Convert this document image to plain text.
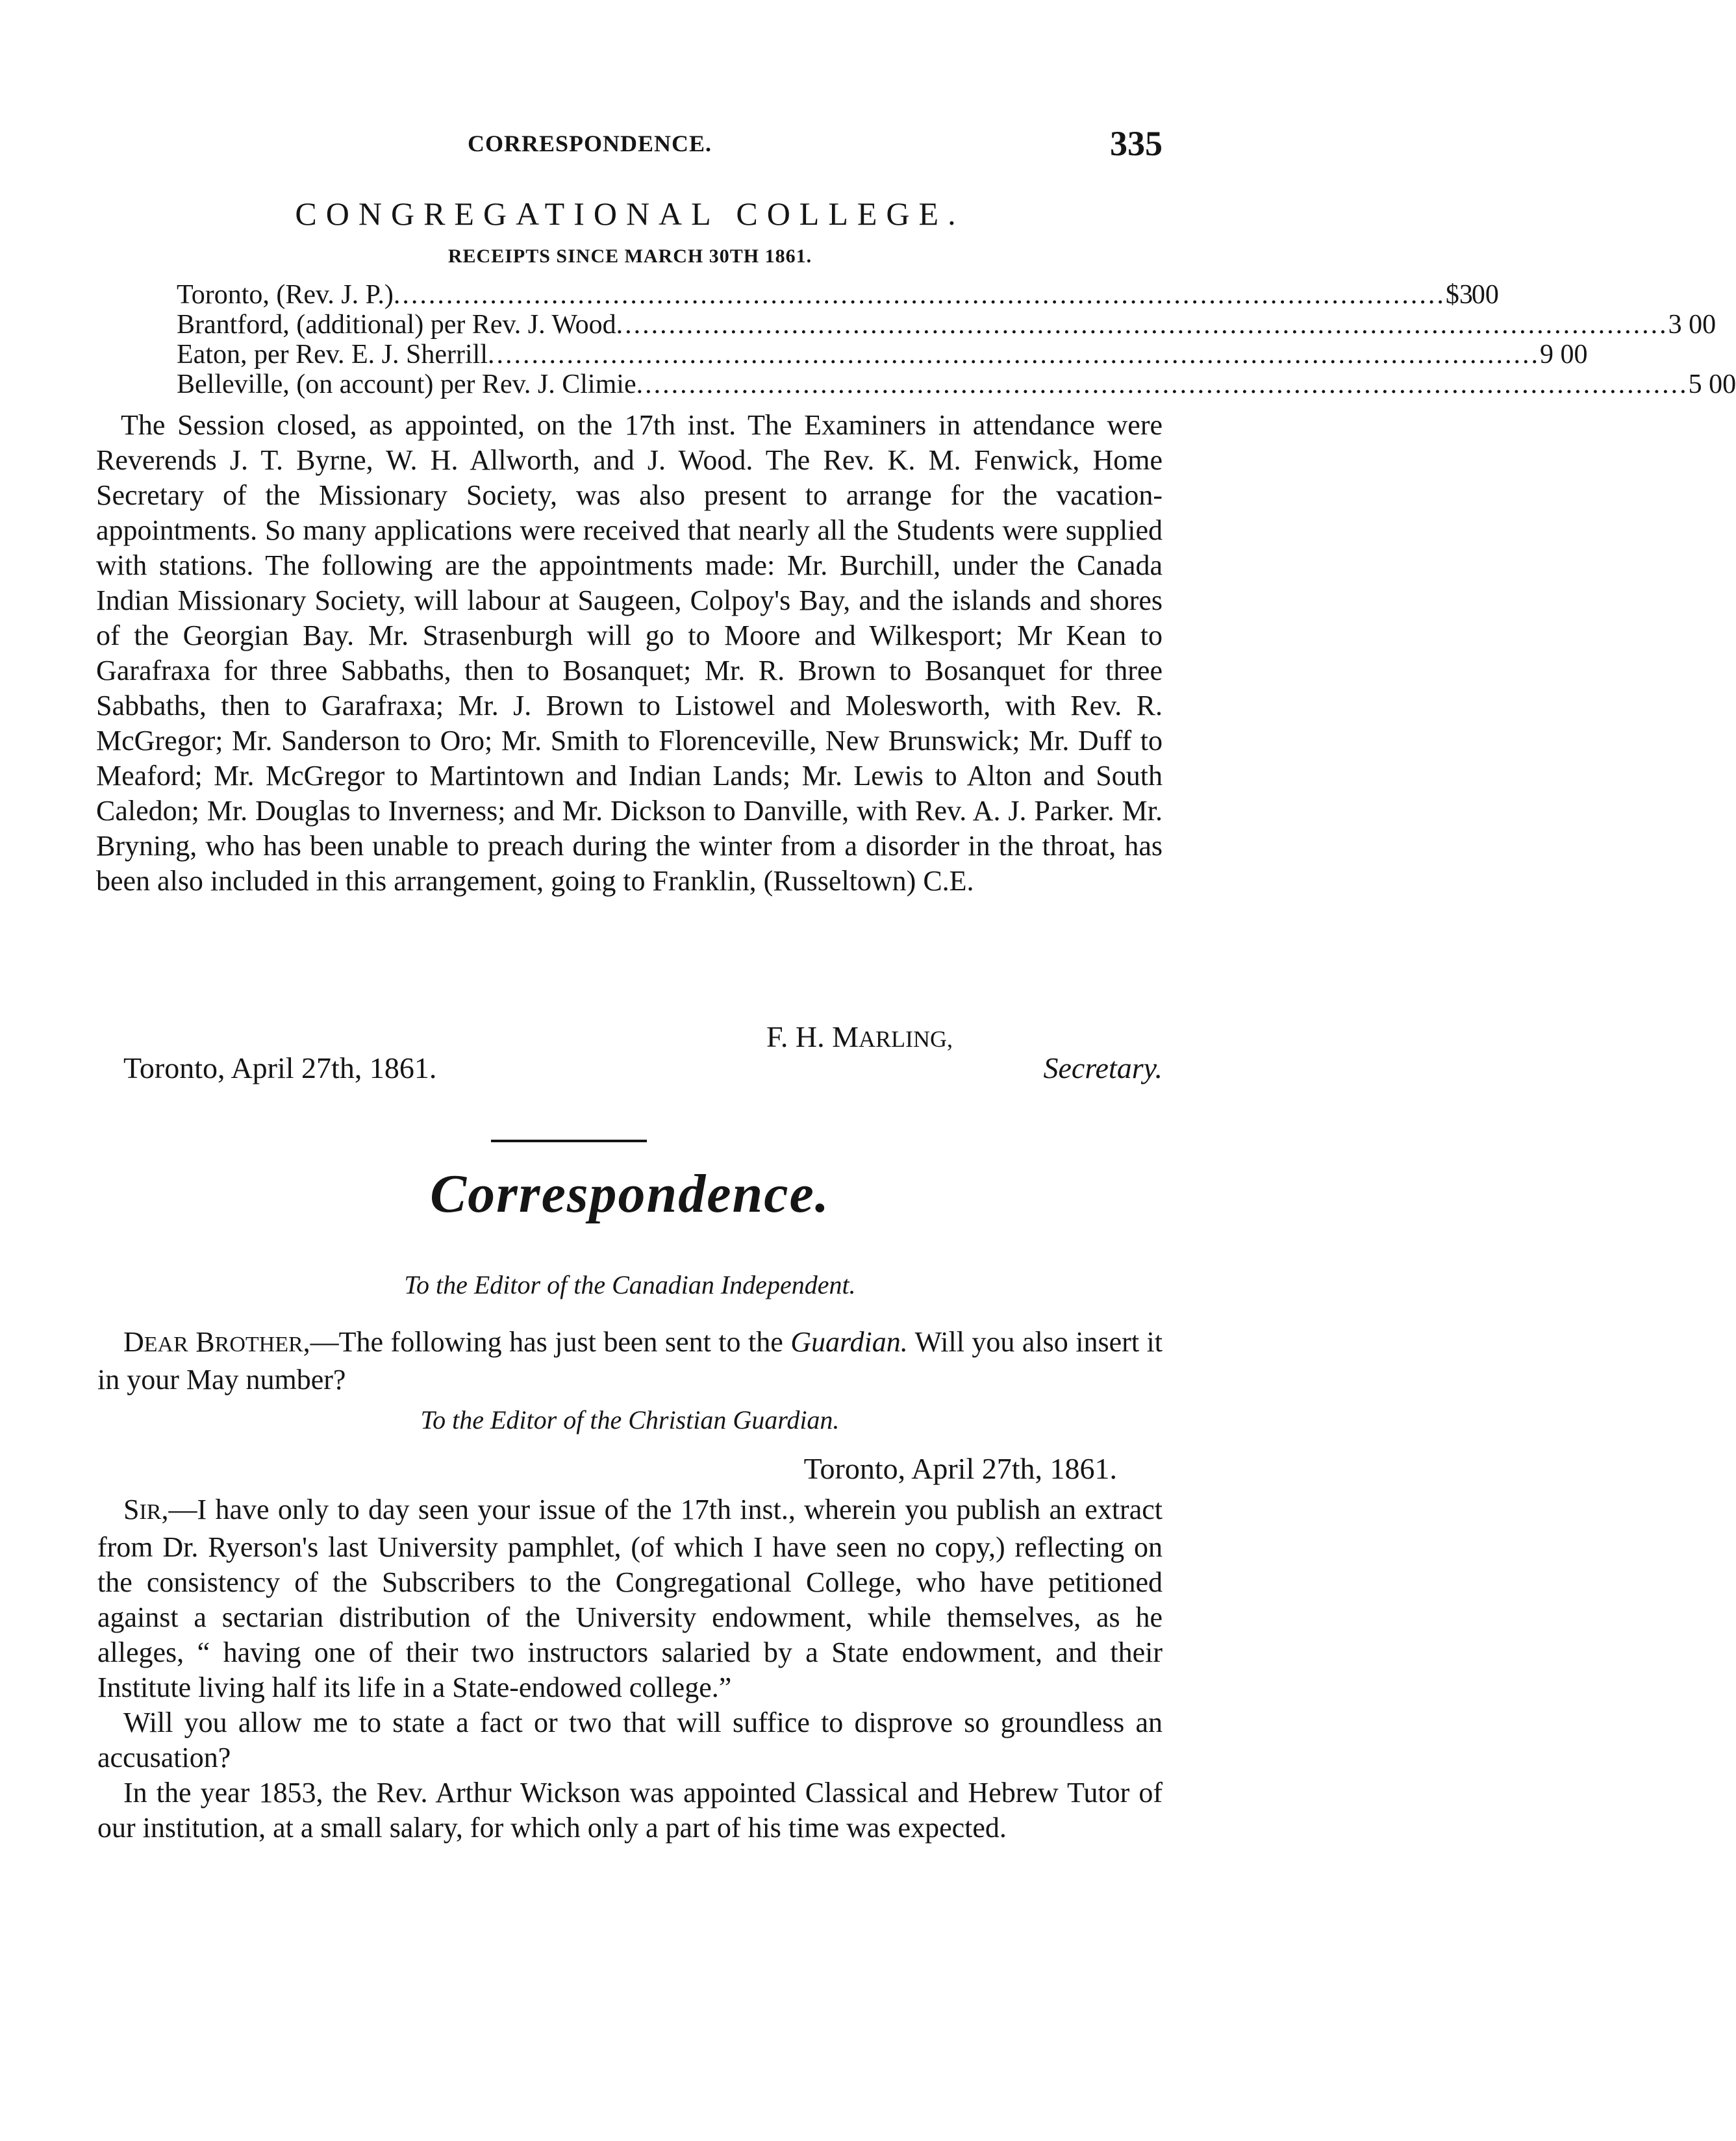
CORRESPONDENCE.	335
CONGREGATIONAL COLLEGE.
RECEIPTS SINCE MARCH 30TH 1861.
Toronto, (Rev. J. P.) ........................................................................................................................ $3
00
Brantford, (additional) per Rev. J. Wood ........................................................................................................................ 3 00
Eaton, per Rev. E. J. Sherrill ........................................................................................................................ 9 00
Belleville, (on account) per Rev. J. Climie ........................................................................................................................ 5 00
The Session closed, as appointed, on the 17th inst. The Examiners in attendance were Reverends J. T. Byrne, W. H. Allworth, and J. Wood. The Rev. K. M. Fenwick, Home Secretary of the Missionary Society, was also present to arrange for the vacation-appointments. So many applications were received that nearly all the Students were supplied with stations. The following are the appointments made: Mr. Burchill, under the Canada Indian Missionary Society, will labour at Saugeen, Colpoy's Bay, and the islands and shores of the Georgian Bay. Mr. Strasenburgh will go to Moore and Wilkesport; Mr Kean to Garafraxa for three Sabbaths, then to Bosanquet; Mr. R. Brown to Bosanquet for three Sabbaths, then to Garafraxa; Mr. J. Brown to Listowel and Molesworth, with Rev. R. McGregor; Mr. Sanderson to Oro; Mr. Smith to Florenceville, New Brunswick; Mr. Duff to Meaford; Mr. McGregor to Martintown and Indian Lands; Mr. Lewis to Alton and South Caledon; Mr. Douglas to Inverness; and Mr. Dickson to Danville, with Rev. A. J. Parker. Mr. Bryning, who has been unable to preach during the winter from a disorder in the throat, has been also included in this arrangement, going to Franklin, (Russeltown) C.E.
F. H. MARLING,
Toronto, April 27th, 1861.	Secretary.
Correspondence.
To the Editor of the Canadian Independent.
DEAR BROTHER,—The following has just been sent to the Guardian. Will you also insert it in your May number?
To the Editor of the Christian Guardian.
Toronto, April 27th, 1861.

SIR,—I have only to day seen your issue of the 17th inst., wherein you publish an extract from Dr. Ryerson's last University pamphlet, (of which I have seen no copy,) reflecting on the consistency of the Subscribers to the Congregational College, who have petitioned against a sectarian distribution of the University endowment, while themselves, as he alleges, “ having one of their two instructors salaried by a State endowment, and their Institute living half its life in a State-endowed college.”

Will you allow me to state a fact or two that will suffice to disprove so groundless an accusation?

In the year 1853, the Rev. Arthur Wickson was appointed Classical and Hebrew Tutor of our institution, at a small salary, for which only a part of his time was expected.
